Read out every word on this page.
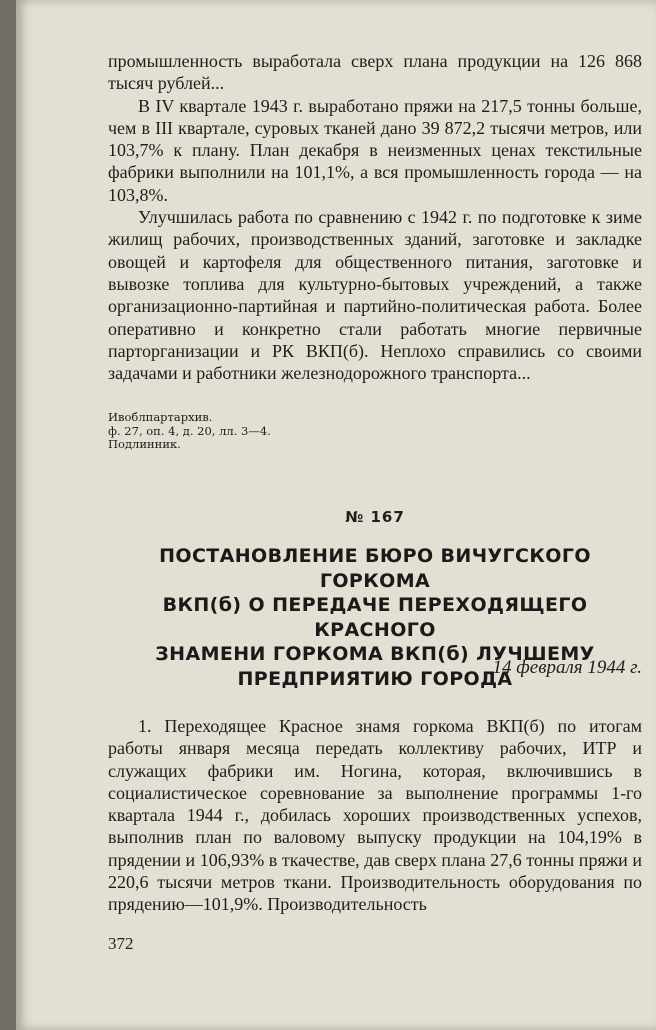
промышленность выработала сверх плана продукции на 126 868 тысяч рублей...

В IV квартале 1943 г. выработано пряжи на 217,5 тонны больше, чем в III квартале, суровых тканей дано 39 872,2 тысячи метров, или 103,7% к плану. План декабря в неизменных ценах текстильные фабрики выполнили на 101,1%, а вся промышленность города — на 103,8%.

Улучшилась работа по сравнению с 1942 г. по подготовке к зиме жилищ рабочих, производственных зданий, заготовке и закладке овощей и картофеля для общественного питания, заготовке и вывозке топлива для культурно-бытовых учреждений, а также организационно-партийная и партийно-политическая работа. Более оперативно и конкретно стали работать многие первичные парторганизации и РК ВКП(б). Неплохо справились со своими задачами и работники железнодорожного транспорта...

Ивоблпартархив.
ф. 27, оп. 4, д. 20, лл. 3—4.
Подлинник.
№ 167
ПОСТАНОВЛЕНИЕ БЮРО ВИЧУГСКОГО ГОРКОМА
ВКП(б) О ПЕРЕДАЧЕ ПЕРЕХОДЯЩЕГО КРАСНОГО
ЗНАМЕНИ ГОРКОМА ВКП(б) ЛУЧШЕМУ
ПРЕДПРИЯТИЮ ГОРОДА
14 февраля 1944 г.

1. Переходящее Красное знамя горкома ВКП(б) по итогам работы января месяца передать коллективу рабочих, ИТР и служащих фабрики им. Ногина, которая, включившись в социалистическое соревнование за выполнение программы 1-го квартала 1944 г., добилась хороших производственных успехов, выполнив план по валовому выпуску продукции на 104,19% в прядении и 106,93% в ткачестве, дав сверх плана 27,6 тонны пряжи и 220,6 тысячи метров ткани. Производительность оборудования по прядению—101,9%. Производительность

372
